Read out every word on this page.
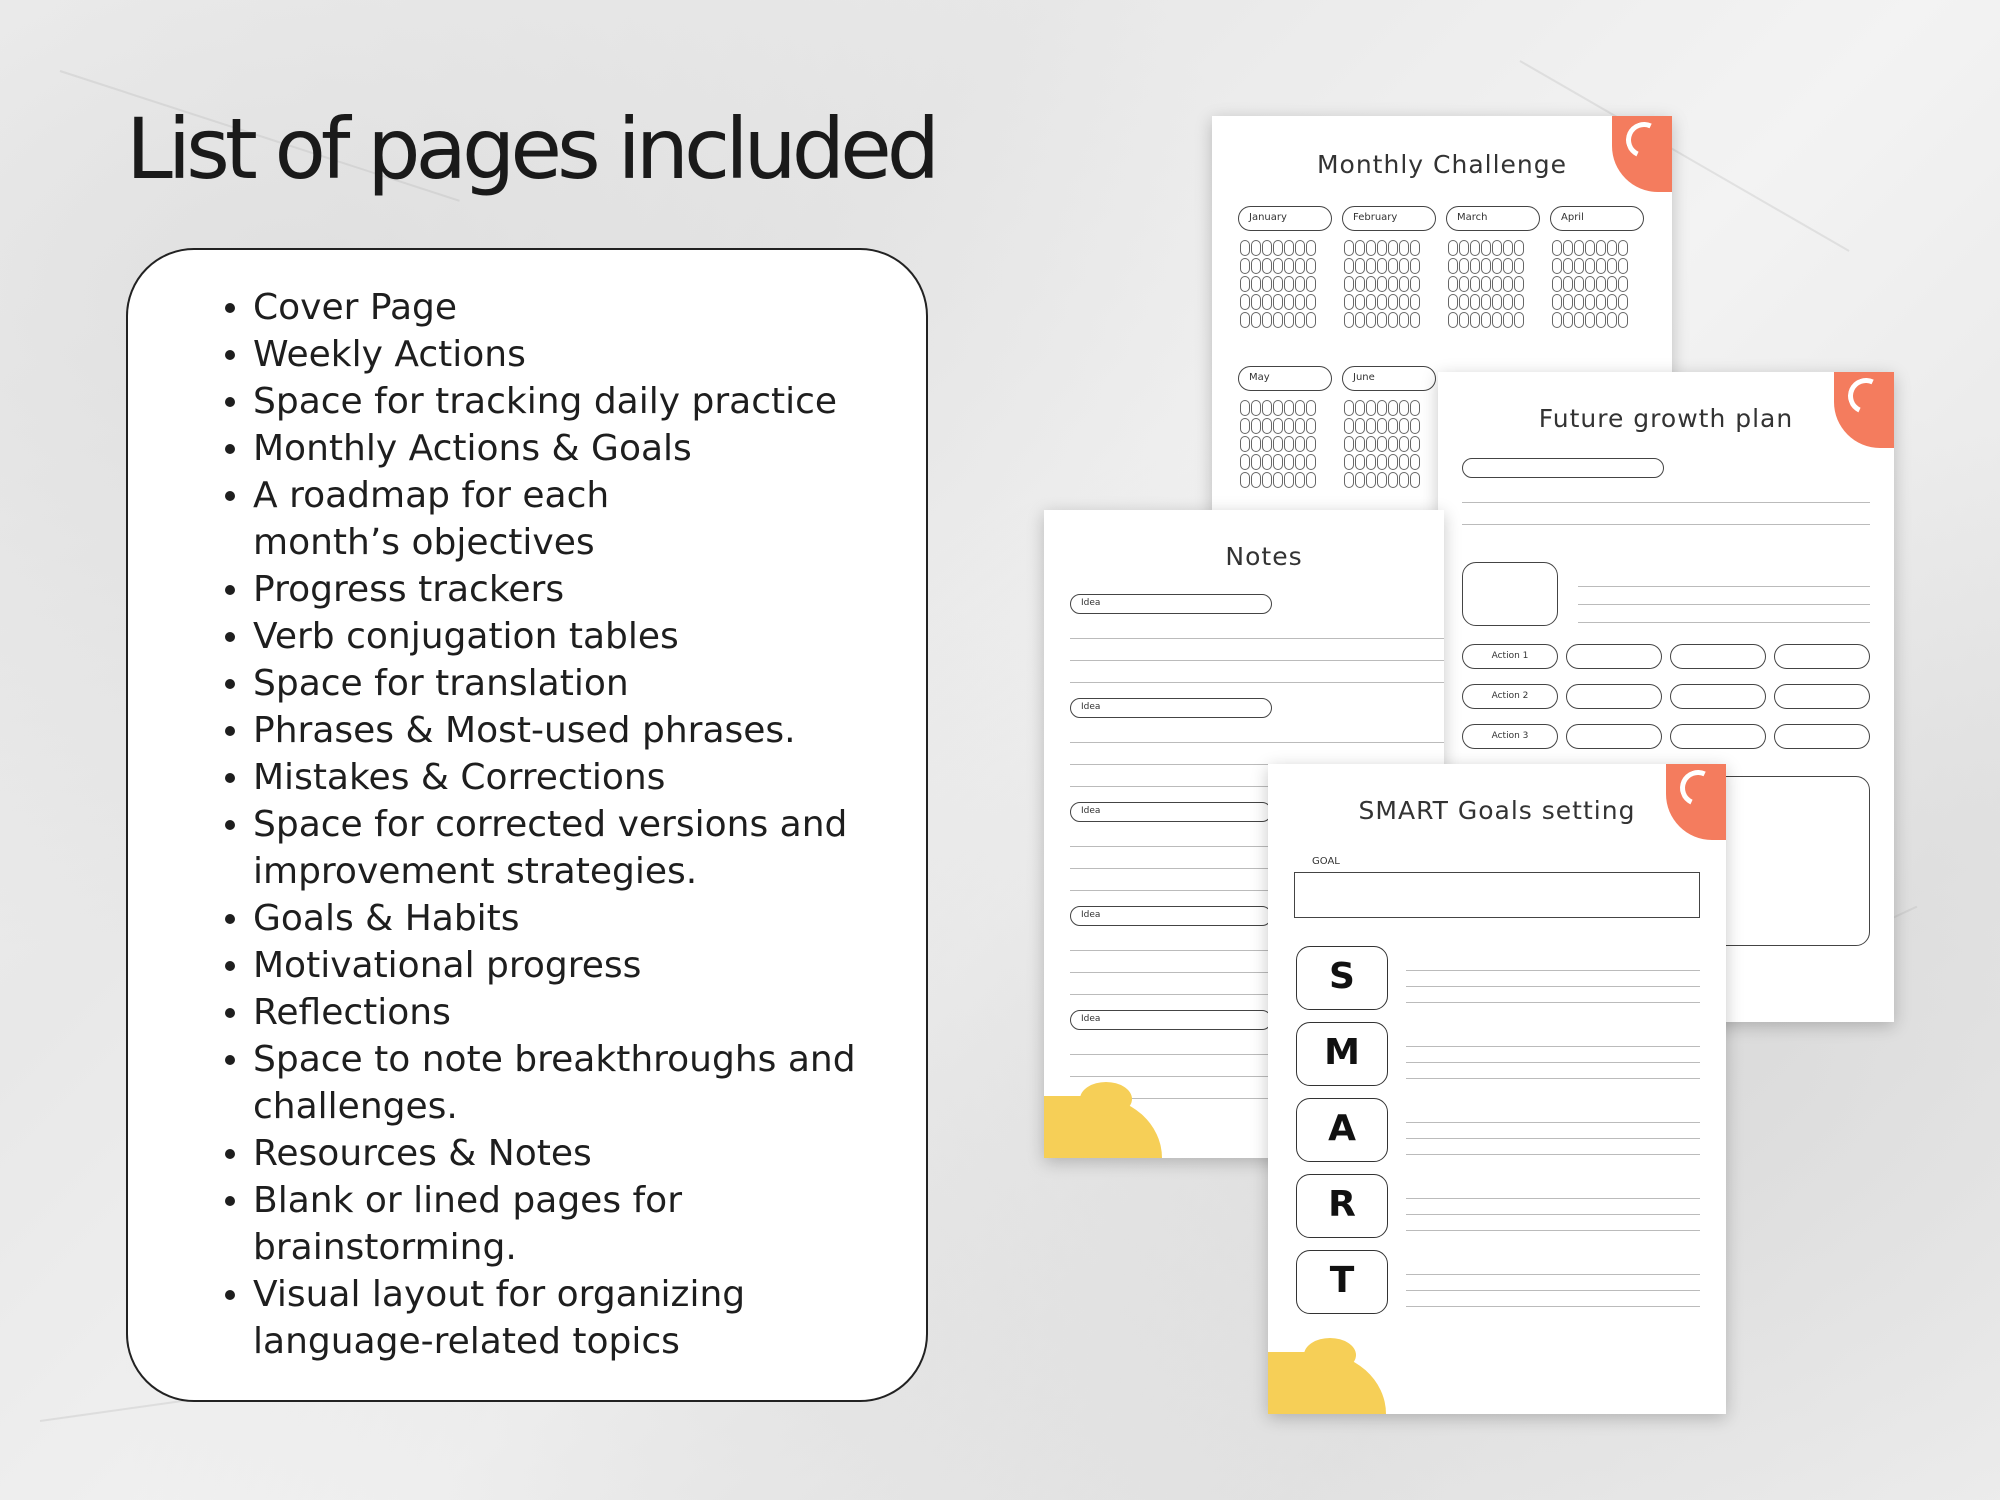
List of pages included
Cover Page
Weekly Actions
Space for tracking daily practice
Monthly Actions & Goals
A roadmap for each month’s objectives
Progress trackers
Verb conjugation tables
Space for translation
Phrases & Most-used phrases.
Mistakes & Corrections
Space for corrected versions and improvement strategies.
Goals & Habits
Motivational progress
Reflections
Space to note breakthroughs and challenges.
Resources & Notes
Blank or lined pages for brainstorming.
Visual layout for organizing language-related topics
Monthly Challenge
January	February	March	April
May	June
Future growth plan
Action 1
Action 2
Action 3
Notes
Idea
Idea
Idea
Idea
Idea
SMART Goals setting
GOAL
S
M
A
R
T
